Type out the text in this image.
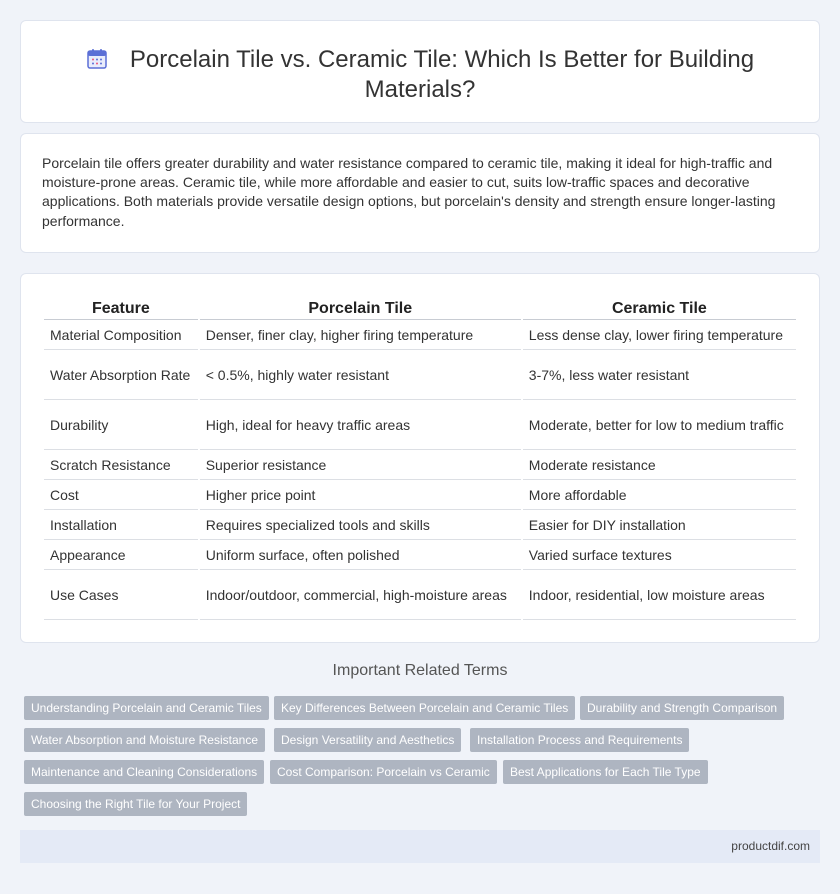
Porcelain Tile vs. Ceramic Tile: Which Is Better for Building Materials?

Porcelain tile offers greater durability and water resistance compared to ceramic tile, making it ideal for high-traffic and moisture-prone areas. Ceramic tile, while more affordable and easier to cut, suits low-traffic spaces and decorative applications. Both materials provide versatile design options, but porcelain's density and strength ensure longer-lasting performance.

Feature	Porcelain Tile	Ceramic Tile
Material Composition	Denser, finer clay, higher firing temperature	Less dense clay, lower firing temperature
Water Absorption Rate	< 0.5%, highly water resistant	3-7%, less water resistant
Durability	High, ideal for heavy traffic areas	Moderate, better for low to medium traffic
Scratch Resistance	Superior resistance	Moderate resistance
Cost	Higher price point	More affordable
Installation	Requires specialized tools and skills	Easier for DIY installation
Appearance	Uniform surface, often polished	Varied surface textures
Use Cases	Indoor/outdoor, commercial, high-moisture areas	Indoor, residential, low moisture areas
Important Related Terms
Understanding Porcelain and Ceramic Tiles	Key Differences Between Porcelain and Ceramic Tiles	Durability and Strength Comparison
Water Absorption and Moisture Resistance	Design Versatility and Aesthetics	Installation Process and Requirements
Maintenance and Cleaning Considerations	Cost Comparison: Porcelain vs Ceramic	Best Applications for Each Tile Type
Choosing the Right Tile for Your Project
productdif.com
